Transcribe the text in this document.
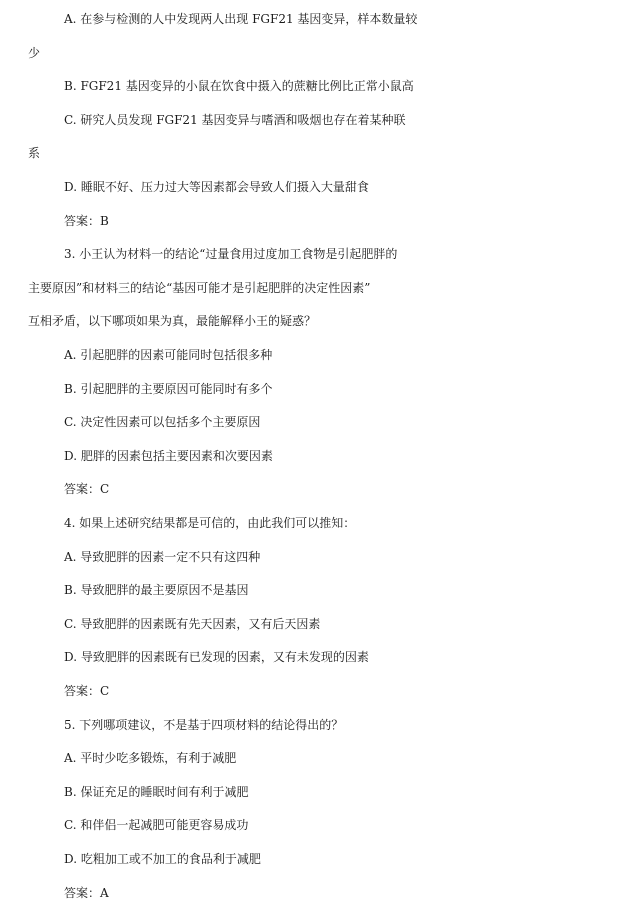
A. 在参与检测的人中发现两人出现 FGF21 基因变异，样本数量较
少
B. FGF21 基因变异的小鼠在饮食中摄入的蔗糖比例比正常小鼠高
C. 研究人员发现 FGF21 基因变异与嗜酒和吸烟也存在着某种联
系
D. 睡眠不好、压力过大等因素都会导致人们摄入大量甜食
答案：B
3. 小王认为材料一的结论“过量食用过度加工食物是引起肥胖的
主要原因”和材料三的结论“基因可能才是引起肥胖的决定性因素”
互相矛盾，以下哪项如果为真，最能解释小王的疑惑？
A. 引起肥胖的因素可能同时包括很多种
B. 引起肥胖的主要原因可能同时有多个
C. 决定性因素可以包括多个主要原因
D. 肥胖的因素包括主要因素和次要因素
答案：C
4. 如果上述研究结果都是可信的，由此我们可以推知：
A. 导致肥胖的因素一定不只有这四种
B. 导致肥胖的最主要原因不是基因
C. 导致肥胖的因素既有先天因素，又有后天因素
D. 导致肥胖的因素既有已发现的因素，又有未发现的因素
答案：C
5. 下列哪项建议，不是基于四项材料的结论得出的？
A. 平时少吃多锻炼，有利于减肥
B. 保证充足的睡眠时间有利于减肥
C. 和伴侣一起减肥可能更容易成功
D. 吃粗加工或不加工的食品利于减肥
答案：A
